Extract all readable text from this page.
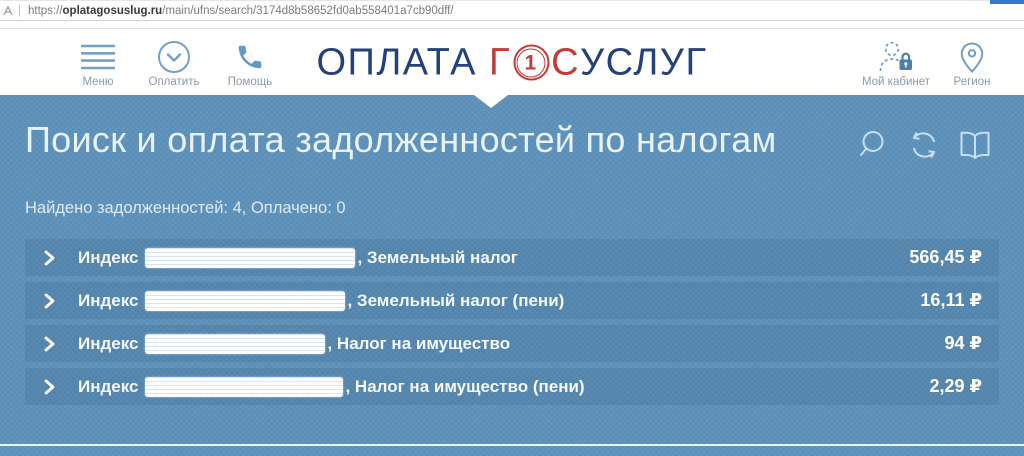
| https:// oplatagosuslug.ru /main/ufns/search/3174d8b58652fd0ab558401a7cb90dff/
Меню	Оплатить Помощь ОПЛАТА Г 1 С УСЛУГ	Мой кабинет Регион
Поиск и оплата задолженностей по налогам
Найдено задолженностей: 4, Оплачено: 0
Индекс	, Земельный налог	566,45 ₽
Индекс	, Земельный налог (пени)	16,11 ₽
Индекс	, Налог на имущество	94 ₽
Индекс	, Налог на имущество (пени)	2,29 ₽
